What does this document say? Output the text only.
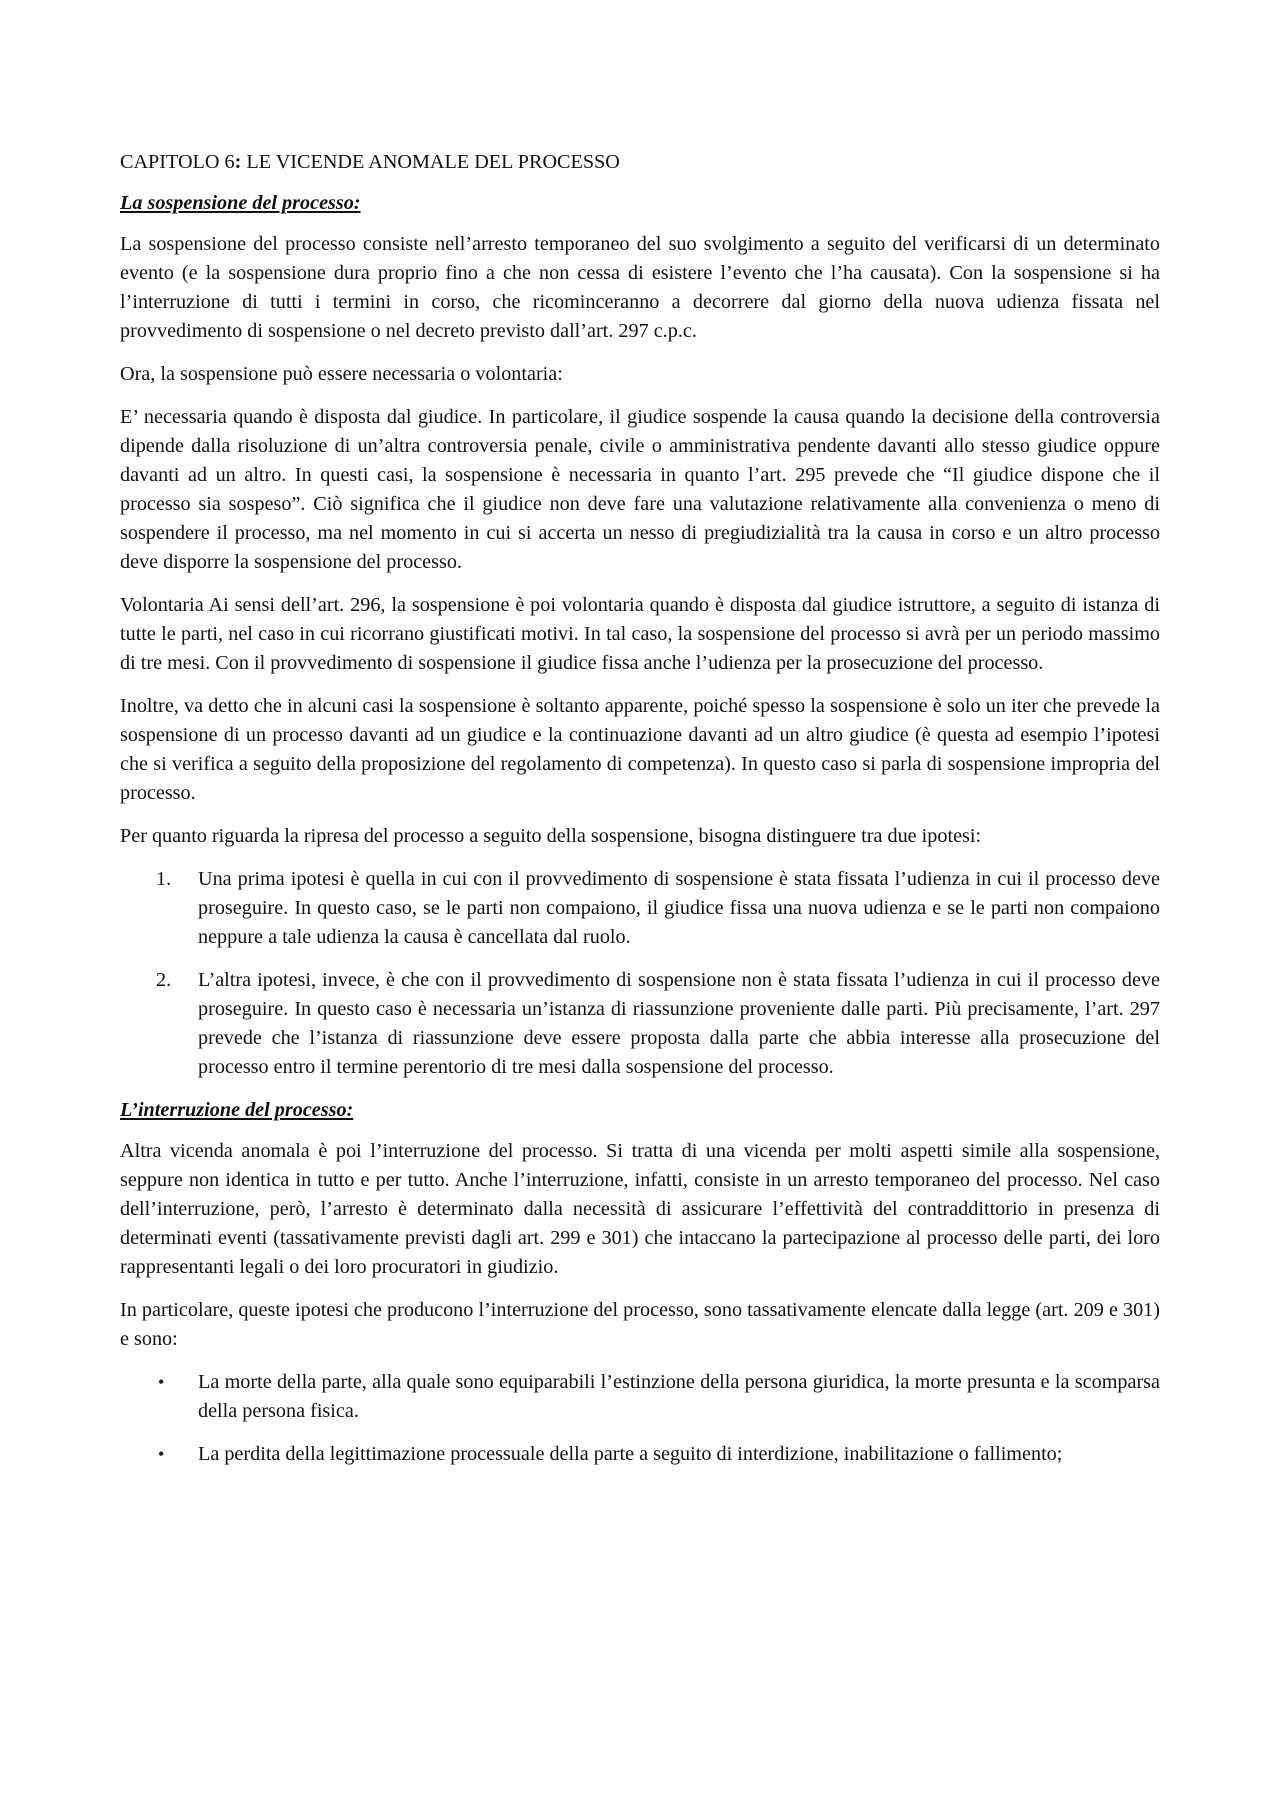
CAPITOLO 6: LE VICENDE ANOMALE DEL PROCESSO
La sospensione del processo:

La sospensione del processo consiste nell’arresto temporaneo del suo svolgimento a seguito del verificarsi di un determinato evento (e la sospensione dura proprio fino a che non cessa di esistere l’evento che l’ha causata). Con la sospensione si ha l’interruzione di tutti i termini in corso, che ricominceranno a decorrere dal giorno della nuova udienza fissata nel provvedimento di sospensione o nel decreto previsto dall’art. 297 c.p.c.

Ora, la sospensione può essere necessaria o volontaria:

E’ necessaria quando è disposta dal giudice. In particolare, il giudice sospende la causa quando la decisione della controversia dipende dalla risoluzione di un’altra controversia penale, civile o amministrativa pendente davanti allo stesso giudice oppure davanti ad un altro. In questi casi, la sospensione è necessaria in quanto l’art. 295 prevede che “Il giudice dispone che il processo sia sospeso”. Ciò significa che il giudice non deve fare una valutazione relativamente alla convenienza o meno di sospendere il processo, ma nel momento in cui si accerta un nesso di pregiudizialità tra la causa in corso e un altro processo deve disporre la sospensione del processo.

Volontaria Ai sensi dell’art. 296, la sospensione è poi volontaria quando è disposta dal giudice istruttore, a seguito di istanza di tutte le parti, nel caso in cui ricorrano giustificati motivi. In tal caso, la sospensione del processo si avrà per un periodo massimo di tre mesi. Con il provvedimento di sospensione il giudice fissa anche l’udienza per la prosecuzione del processo.

Inoltre, va detto che in alcuni casi la sospensione è soltanto apparente, poiché spesso la sospensione è solo un iter che prevede la sospensione di un processo davanti ad un giudice e la continuazione davanti ad un altro giudice (è questa ad esempio l’ipotesi che si verifica a seguito della proposizione del regolamento di competenza). In questo caso si parla di sospensione impropria del processo.

Per quanto riguarda la ripresa del processo a seguito della sospensione, bisogna distinguere tra due ipotesi:

1. Una prima ipotesi è quella in cui con il provvedimento di sospensione è stata fissata l’udienza in cui il processo deve proseguire. In questo caso, se le parti non compaiono, il giudice fissa una nuova udienza e se le parti non compaiono neppure a tale udienza la causa è cancellata dal ruolo.
2. L’altra ipotesi, invece, è che con il provvedimento di sospensione non è stata fissata l’udienza in cui il processo deve proseguire. In questo caso è necessaria un’istanza di riassunzione proveniente dalle parti. Più precisamente, l’art. 297 prevede che l’istanza di riassunzione deve essere proposta dalla parte che abbia interesse alla prosecuzione del processo entro il termine perentorio di tre mesi dalla sospensione del processo.
L’interruzione del processo:

Altra vicenda anomala è poi l’interruzione del processo. Si tratta di una vicenda per molti aspetti simile alla sospensione, seppure non identica in tutto e per tutto. Anche l’interruzione, infatti, consiste in un arresto temporaneo del processo. Nel caso dell’interruzione, però, l’arresto è determinato dalla necessità di assicurare l’effettività del contraddittorio in presenza di determinati eventi (tassativamente previsti dagli art. 299 e 301) che intaccano la partecipazione al processo delle parti, dei loro rappresentanti legali o dei loro procuratori in giudizio.

In particolare, queste ipotesi che producono l’interruzione del processo, sono tassativamente elencate dalla legge (art. 209 e 301) e sono:

• La morte della parte, alla quale sono equiparabili l’estinzione della persona giuridica, la morte presunta e la scomparsa della persona fisica.
• La perdita della legittimazione processuale della parte a seguito di interdizione, inabilitazione o fallimento;
